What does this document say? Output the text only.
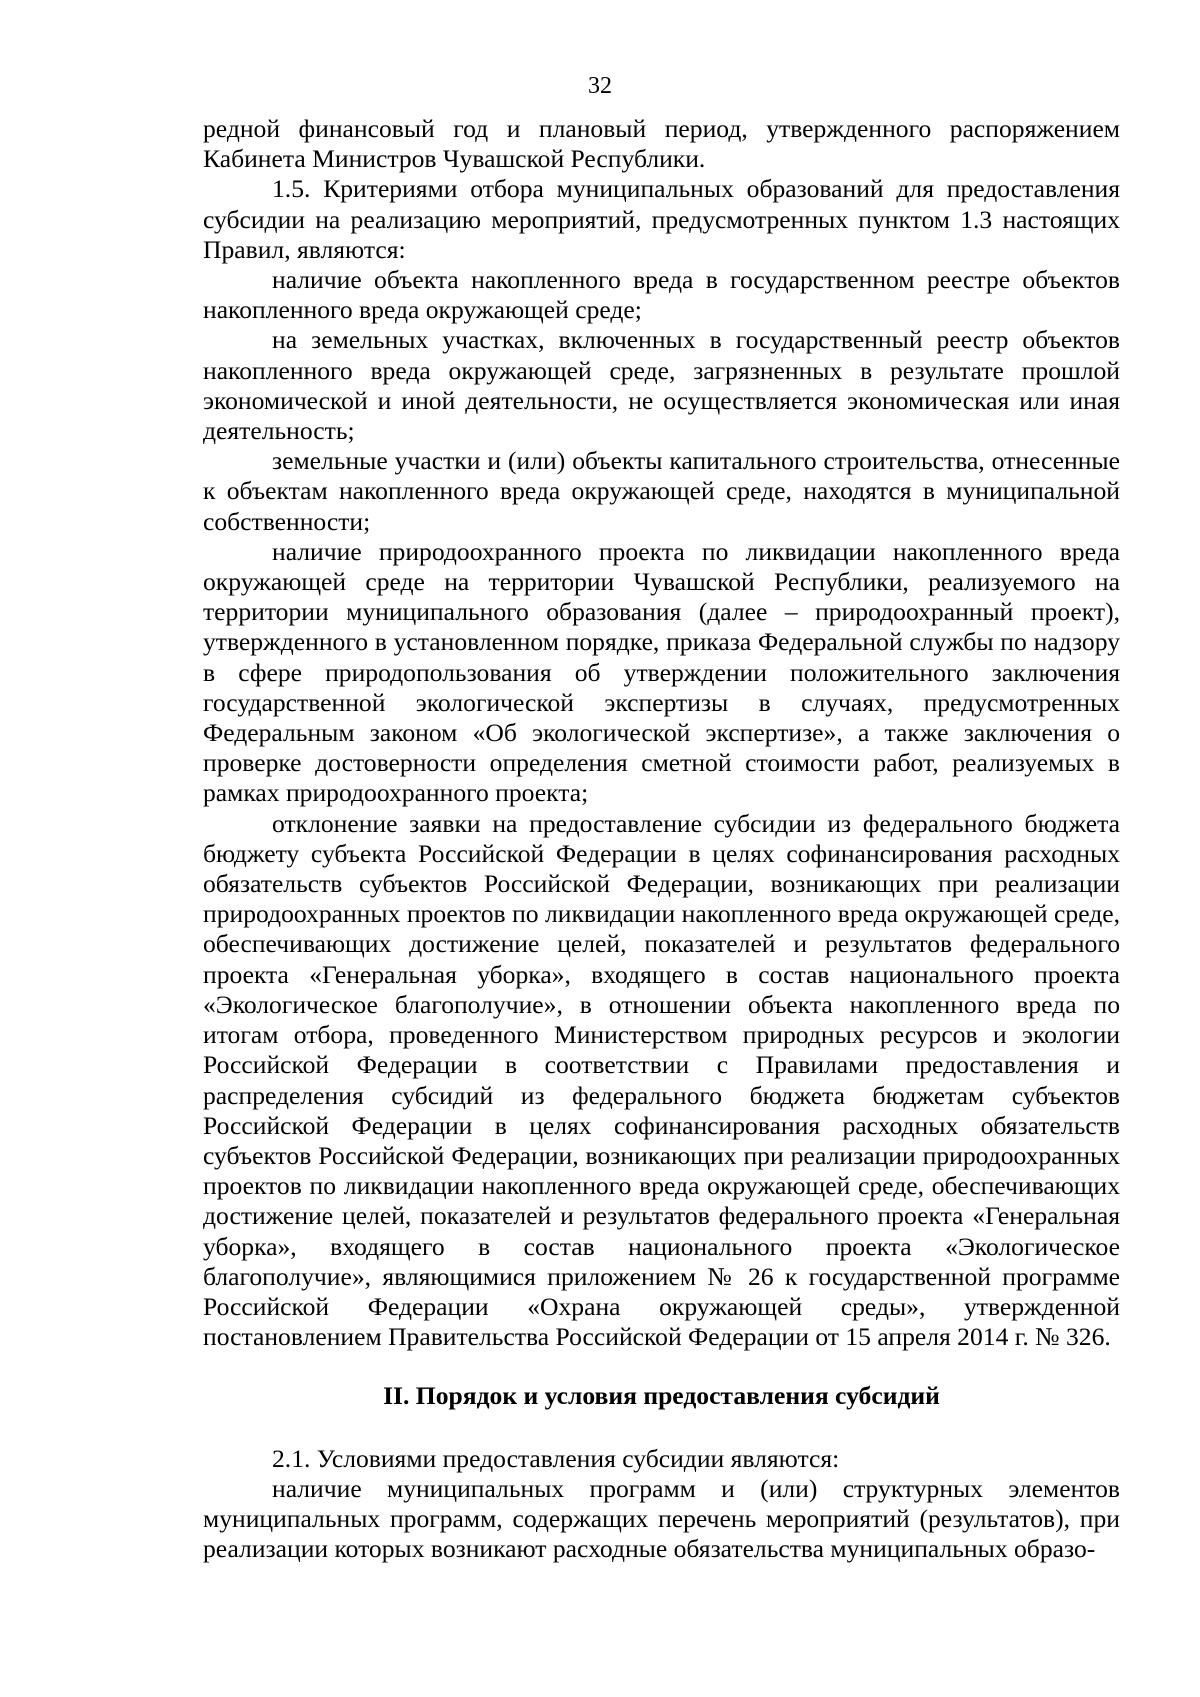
32

редной финансовый год и плановый период, утвержденного распоряжением Кабинета Министров Чувашской Республики.

1.5. Критериями отбора муниципальных образований для предоставления субсидии на реализацию мероприятий, предусмотренных пунктом 1.3 настоящих Правил, являются:

наличие объекта накопленного вреда в государственном реестре объектов накопленного вреда окружающей среде;

на земельных участках, включенных в государственный реестр объектов накопленного вреда окружающей среде, загрязненных в результате прошлой экономической и иной деятельности, не осуществляется экономическая или иная деятельность;

земельные участки и (или) объекты капитального строительства, отнесенные к объектам накопленного вреда окружающей среде, находятся в муниципальной собственности;

наличие природоохранного проекта по ликвидации накопленного вреда окружающей среде на территории Чувашской Республики, реализуемого на территории муниципального образования (далее – природоохранный проект), утвержденного в установленном порядке, приказа Федеральной службы по надзору в сфере природопользования об утверждении положительного заключения государственной экологической экспертизы в случаях, предусмотренных Федеральным законом «Об экологической экспертизе», а также заключения о проверке достоверности определения сметной стоимости работ, реализуемых в рамках природоохранного проекта;

отклонение заявки на предоставление субсидии из федерального бюджета бюджету субъекта Российской Федерации в целях софинансирования расходных обязательств субъектов Российской Федерации, возникающих при реализации природоохранных проектов по ликвидации накопленного вреда окружающей среде, обеспечивающих достижение целей, показателей и результатов федерального проекта «Генеральная уборка», входящего в состав национального проекта «Экологическое благополучие», в отношении объекта накопленного вреда по итогам отбора, проведенного Министерством природных ресурсов и экологии Российской Федерации в соответствии с Правилами предоставления и распределения субсидий из федерального бюджета бюджетам субъектов Российской Федерации в целях софинансирования расходных обязательств субъектов Российской Федерации, возникающих при реализации природоохранных проектов по ликвидации накопленного вреда окружающей среде, обеспечивающих достижение целей, показателей и результатов федерального проекта «Генеральная уборка», входящего в состав национального проекта «Экологическое благополучие», являющимися приложением № 26 к государственной программе Российской Федерации «Охрана окружающей среды», утвержденной постановлением Правительства Российской Федерации от 15 апреля 2014 г. № 326.

II. Порядок и условия предоставления субсидий

2.1. Условиями предоставления субсидии являются:

наличие муниципальных программ и (или) структурных элементов муниципальных программ, содержащих перечень мероприятий (результатов), при реализации которых возникают расходные обязательства муниципальных образо-
